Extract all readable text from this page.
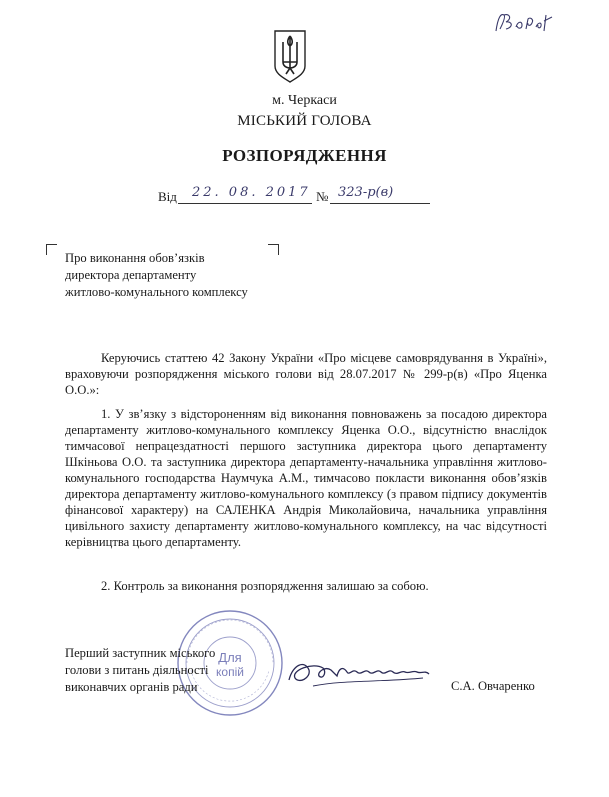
м. Черкаси
МІСЬКИЙ ГОЛОВА
РОЗПОРЯДЖЕННЯ
Від 22. 08. 2017 № 323-р(в)
Про виконання обов’язків
директора департаменту
житлово-комунального комплексу
Керуючись статтею 42 Закону України «Про місцеве самоврядування в Україні», враховуючи розпорядження міського голови від 28.07.2017 № 299-р(в) «Про Яценка О.О.»:
1. У зв’язку з відстороненням від виконання повноважень за посадою директора департаменту житлово-комунального комплексу Яценка О.О., відсутністю внаслідок тимчасової непрацездатності першого заступника директора цього департаменту Шкіньова О.О. та заступника директора департаменту-начальника управління житлово-комунального господарства Наумчука А.М., тимчасово покласти виконання обов’язків директора департаменту житлово-комунального комплексу (з правом підпису документів фінансової характеру) на САЛЕНКА Андрія Миколайовича, начальника управління цивільного захисту департаменту житлово-комунального комплексу, на час відсутності керівництва цього департаменту.
2. Контроль за виконання розпорядження залишаю за собою.
Для
копій
Перший заступник міського
голови з питань діяльності
виконавчих органів ради	С.А. Овчаренко
